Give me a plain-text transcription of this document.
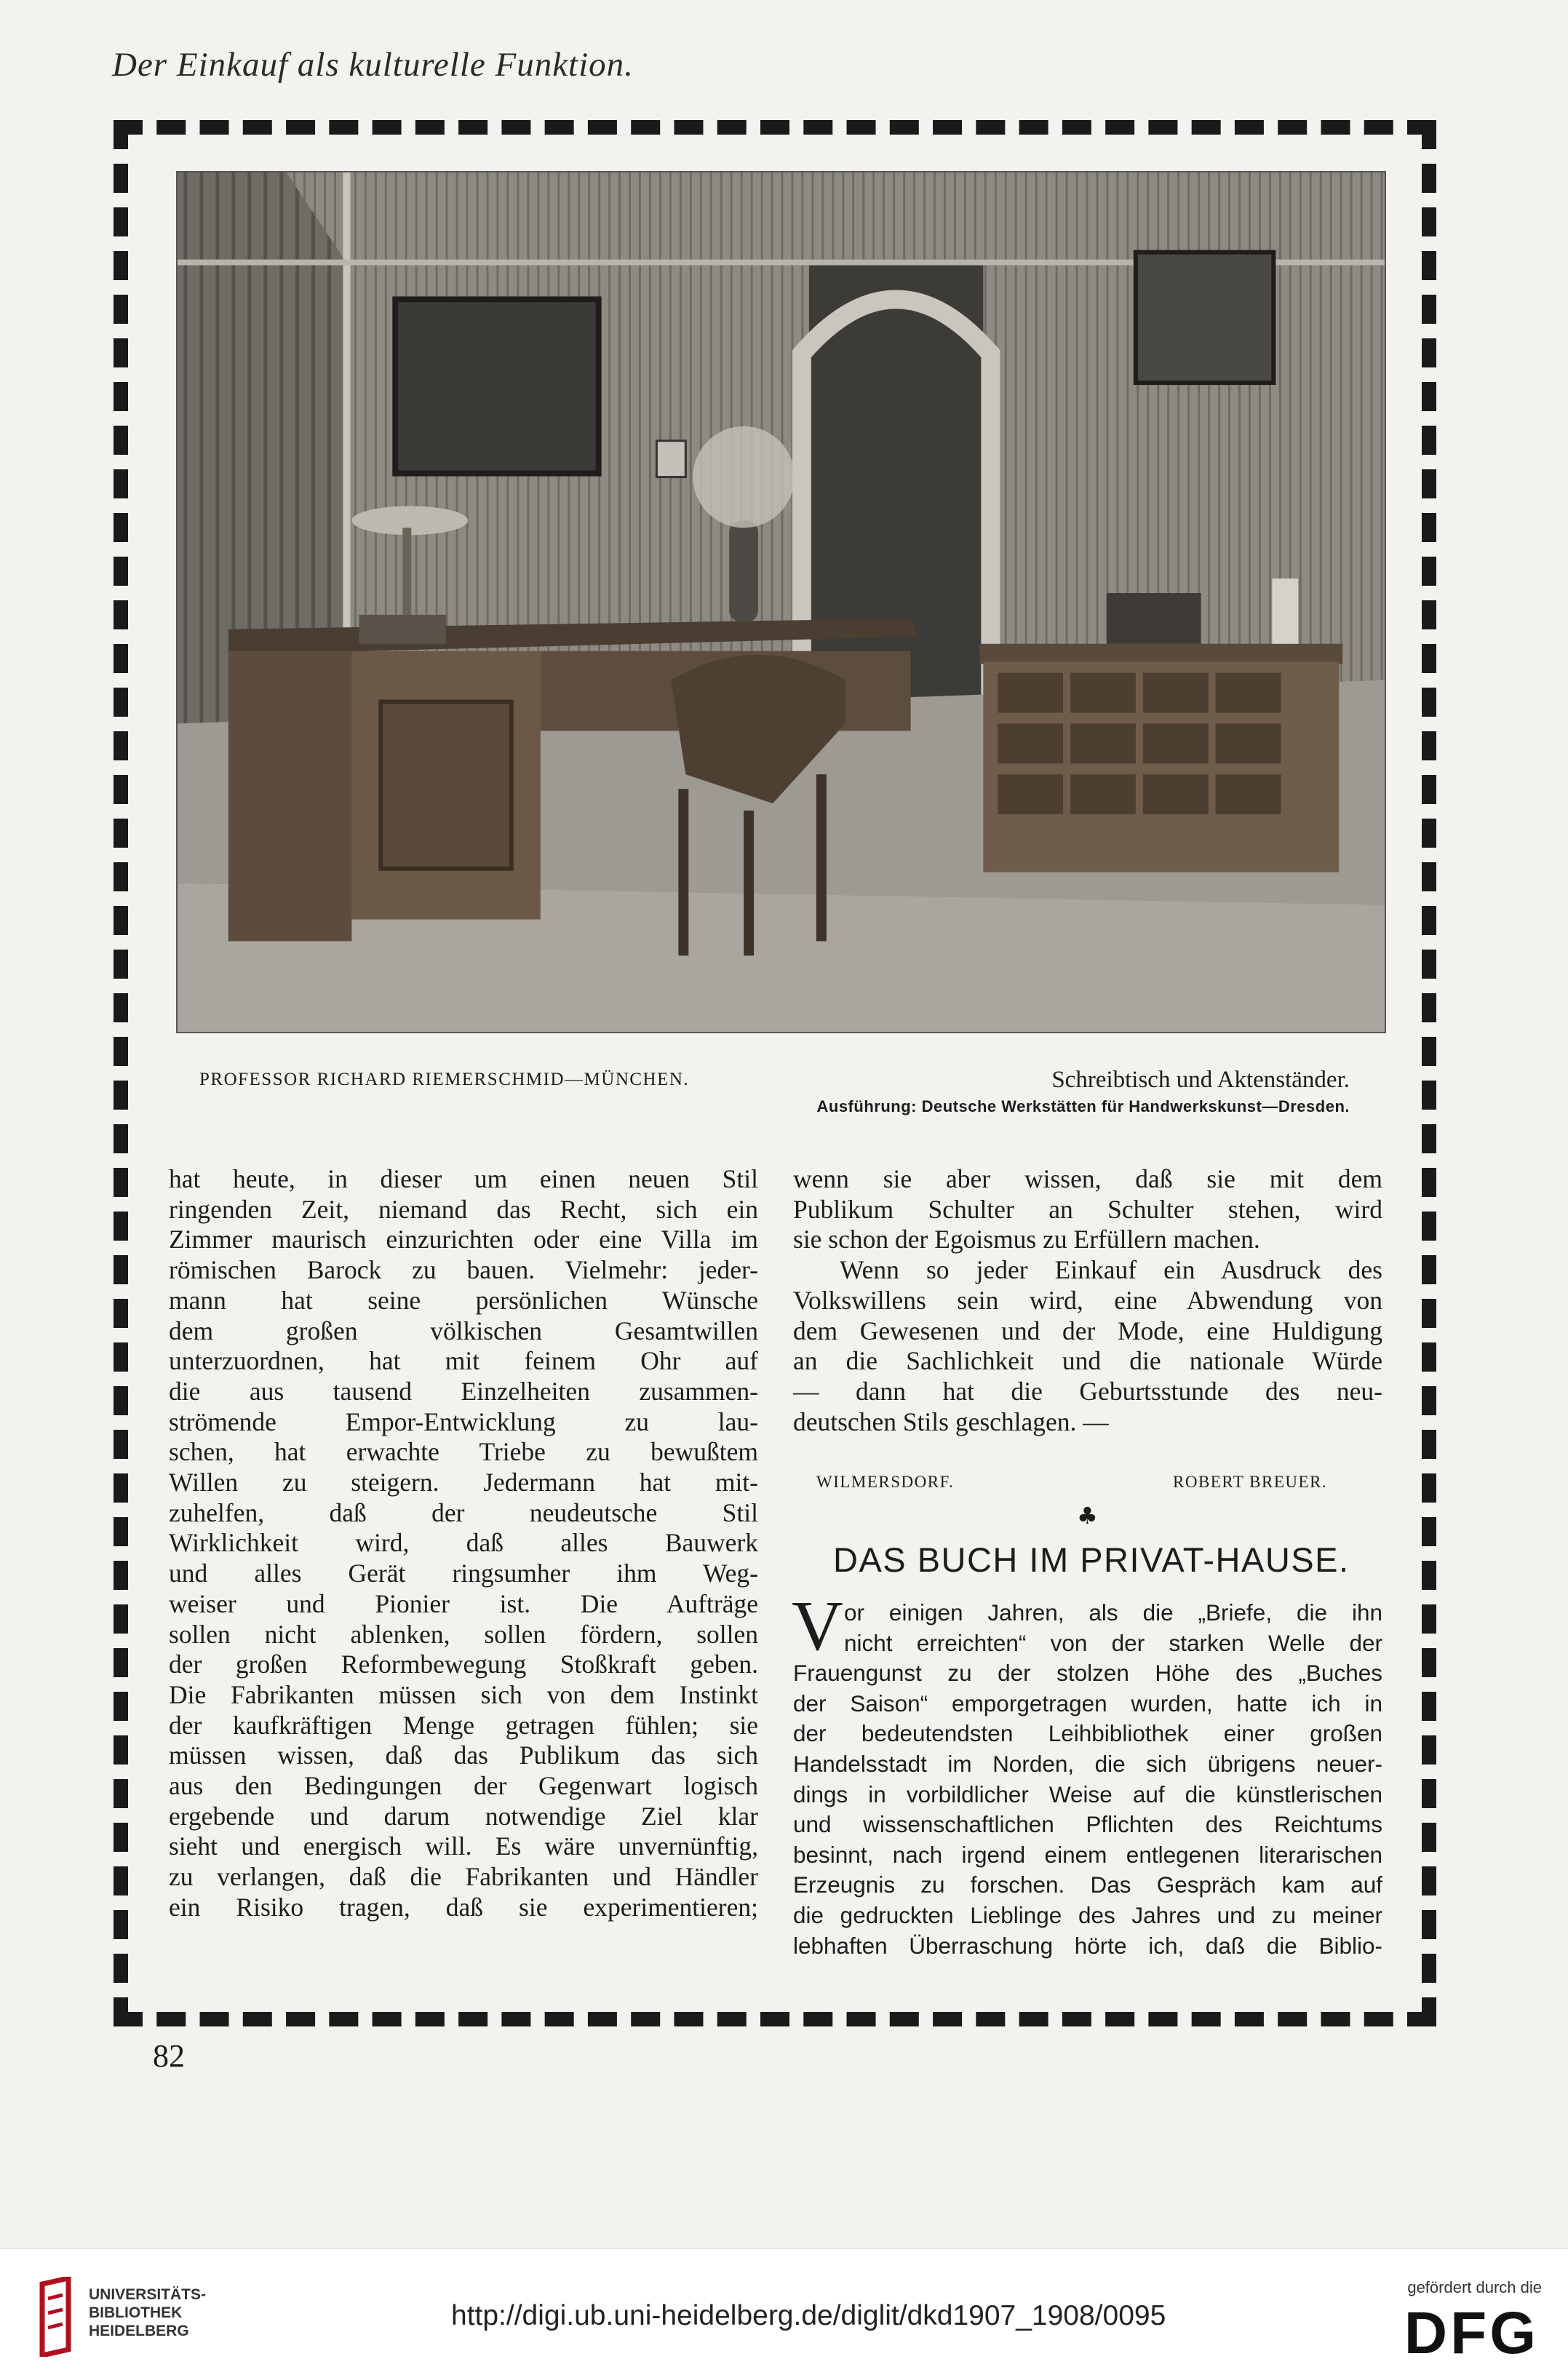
Der Einkauf als kulturelle Funktion.
PROFESSOR RICHARD RIEMERSCHMID—MÜNCHEN.	Schreibtisch und Aktenständer.
Ausführung: Deutsche Werkstätten für Handwerkskunst—Dresden.
hat heute, in dieser um einen neuen Stil
ringenden Zeit, niemand das Recht, sich ein
Zimmer maurisch einzurichten oder eine Villa im
römischen Barock zu bauen. Vielmehr: jeder-
mann hat seine persönlichen Wünsche
dem großen völkischen Gesamtwillen
unterzuordnen, hat mit feinem Ohr auf
die aus tausend Einzelheiten zusammen-
strömende Empor-Entwicklung zu lau-
schen, hat erwachte Triebe zu bewußtem
Willen zu steigern. Jedermann hat mit-
zuhelfen, daß der neudeutsche Stil
Wirklichkeit wird, daß alles Bauwerk
und alles Gerät ringsumher ihm Weg-
weiser und Pionier ist. Die Aufträge
sollen nicht ablenken, sollen fördern, sollen
der großen Reformbewegung Stoßkraft geben.
Die Fabrikanten müssen sich von dem Instinkt
der kaufkräftigen Menge getragen fühlen; sie
müssen wissen, daß das Publikum das sich
aus den Bedingungen der Gegenwart logisch
ergebende und darum notwendige Ziel klar
sieht und energisch will. Es wäre unvernünftig,
zu verlangen, daß die Fabrikanten und Händler
ein Risiko tragen, daß sie experimentieren;
wenn sie aber wissen, daß sie mit dem
Publikum Schulter an Schulter stehen, wird
sie schon der Egoismus zu Erfüllern machen.
Wenn so jeder Einkauf ein Ausdruck des
Volkswillens sein wird, eine Abwendung von
dem Gewesenen und der Mode, eine Huldigung
an die Sachlichkeit und die nationale Würde
— dann hat die Geburtsstunde des neu-
deutschen Stils geschlagen. —
WILMERSDORF.	ROBERT BREUER.
♣
DAS BUCH IM PRIVAT-HAUSE.
V or einigen Jahren, als die „Briefe, die ihn
nicht erreichten“ von der starken Welle der
Frauengunst zu der stolzen Höhe des „Buches
der Saison“ emporgetragen wurden, hatte ich in
der bedeutendsten Leihbibliothek einer großen
Handelsstadt im Norden, die sich übrigens neuer-
dings in vorbildlicher Weise auf die künstlerischen
und wissenschaftlichen Pflichten des Reichtums
besinnt, nach irgend einem entlegenen literarischen
Erzeugnis zu forschen. Das Gespräch kam auf
die gedruckten Lieblinge des Jahres und zu meiner
lebhaften Überraschung hörte ich, daß die Biblio-
82
UNIVERSITÄTS-
BIBLIOTHEK
HEIDELBERG	http://digi.ub.uni-heidelberg.de/diglit/dkd1907_1908/0095
gefördert durch die
DFG
